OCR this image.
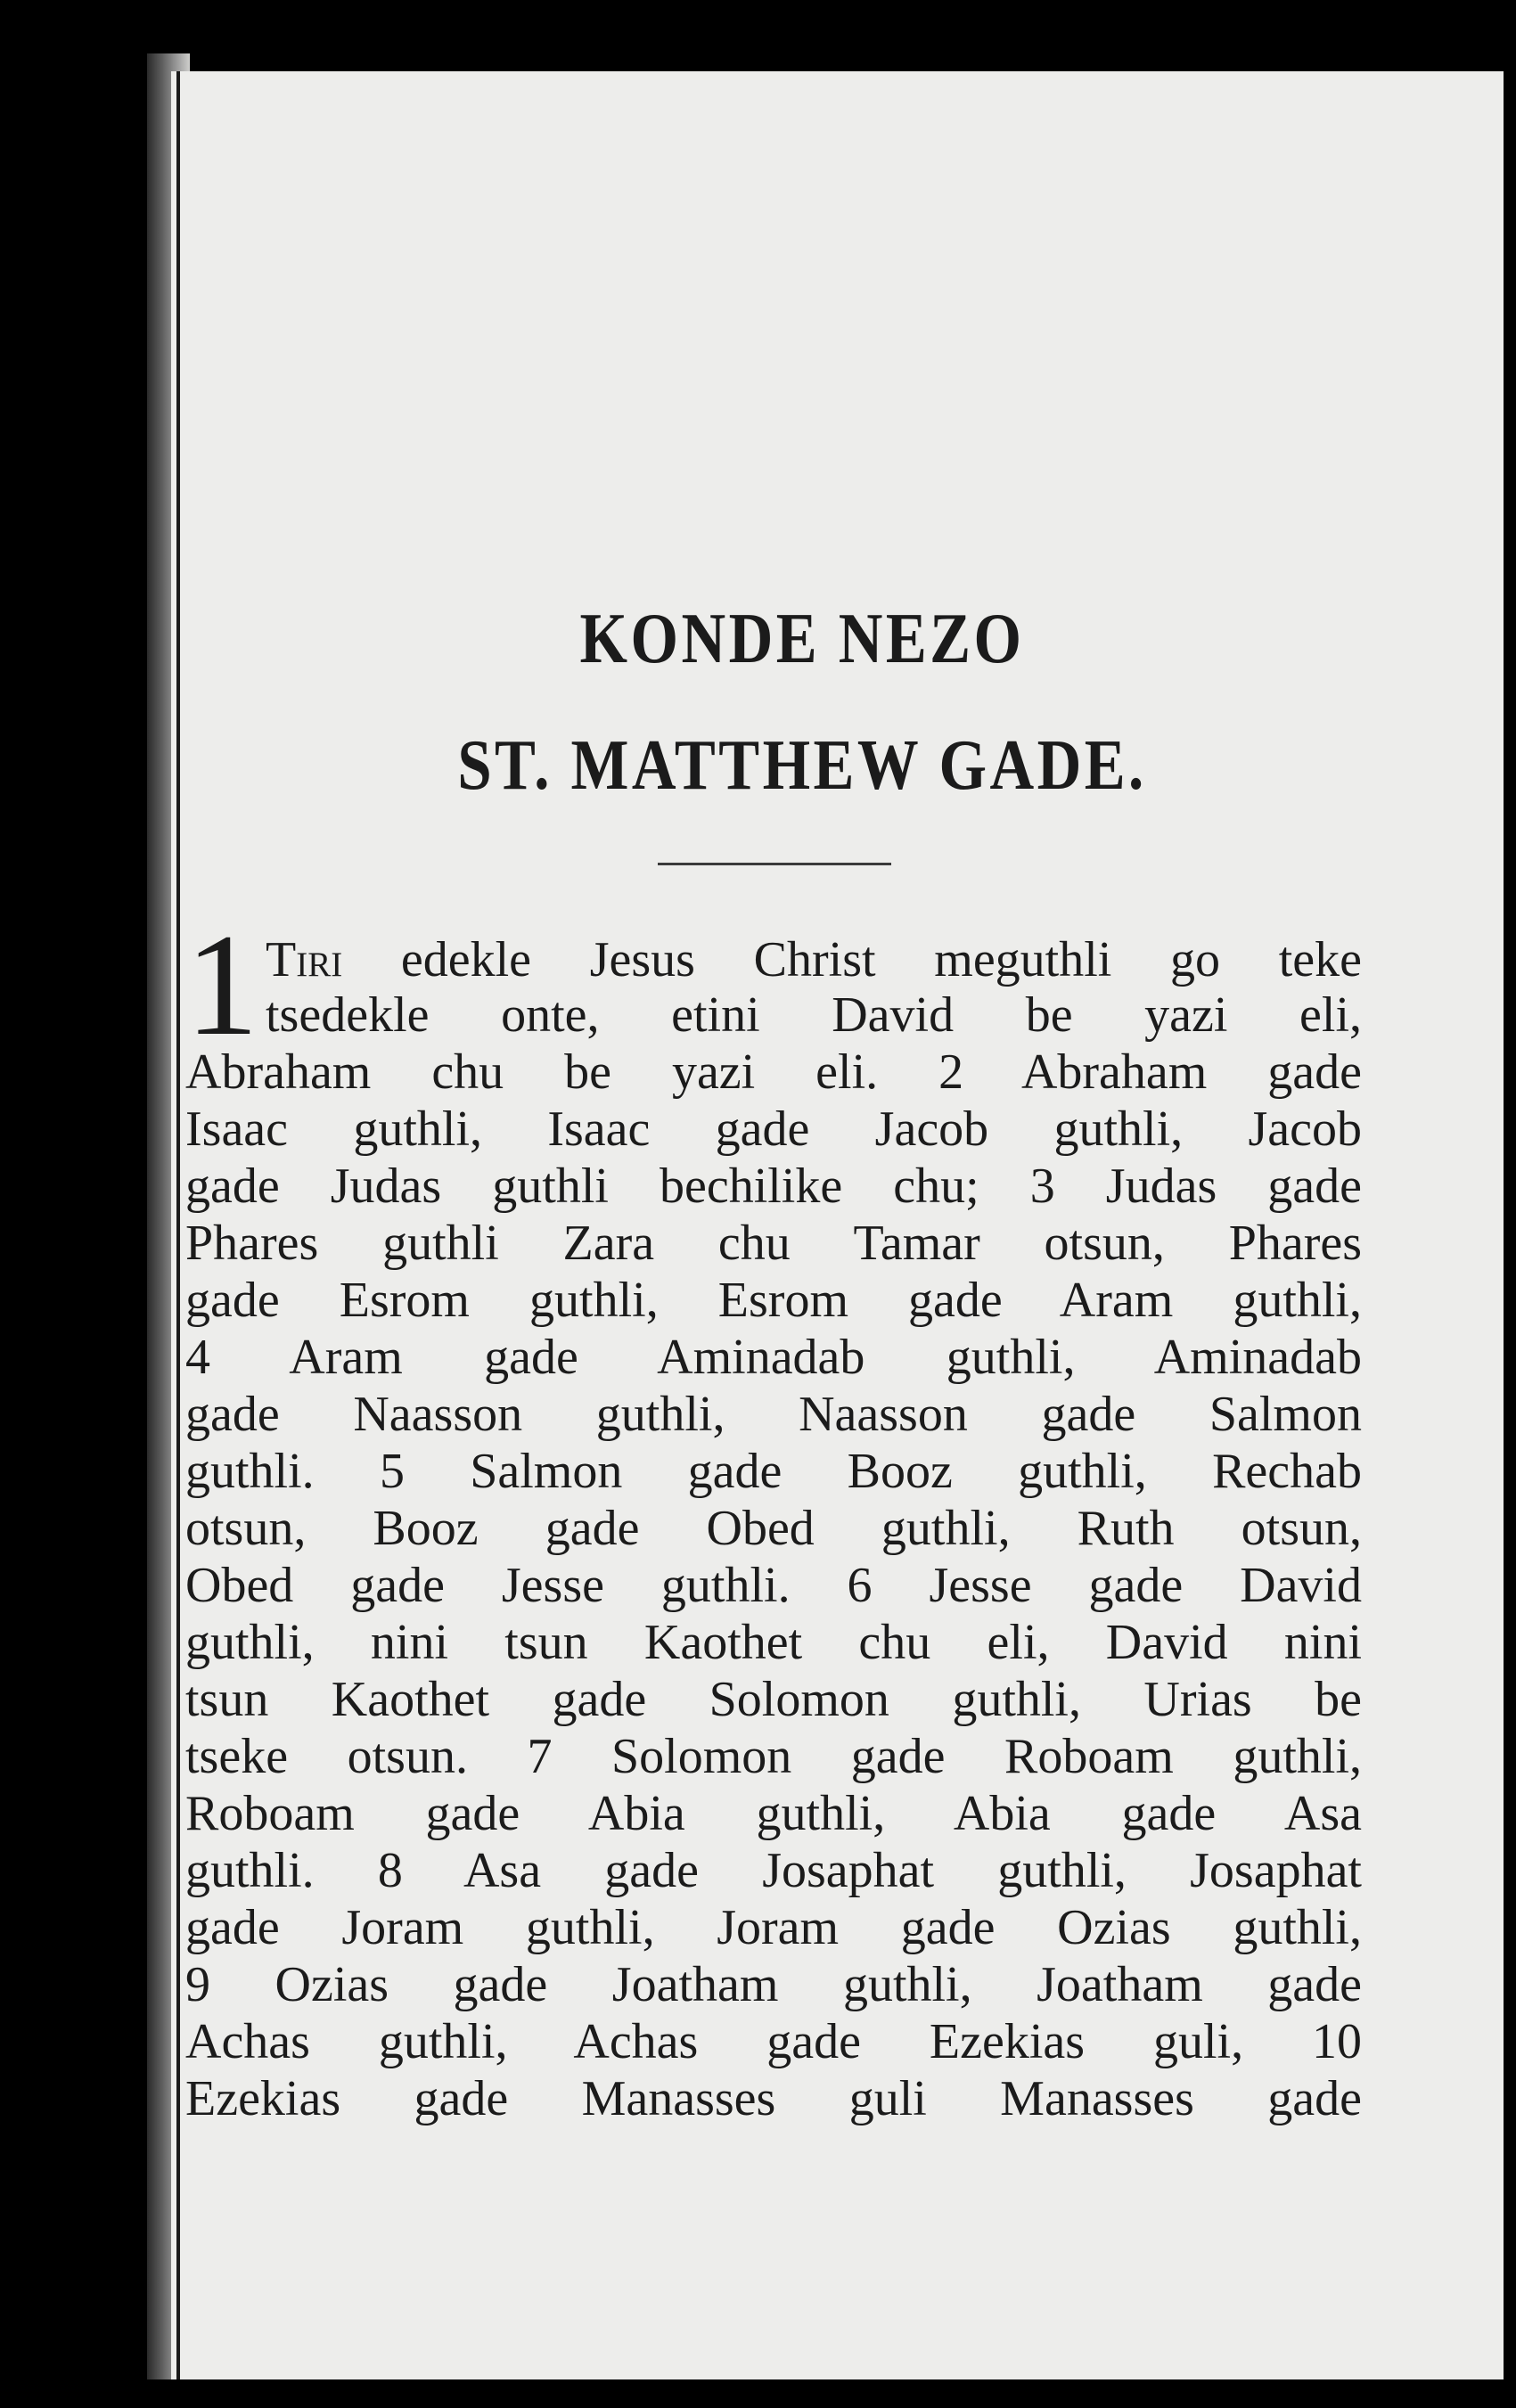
KONDE NEZO
ST. MATTHEW GADE.
1 Tiri edekle Jesus Christ meguthli go teke
tsedekle onte, etini David be yazi eli,
Abraham chu be yazi eli. 2 Abraham gade
Isaac guthli, Isaac gade Jacob guthli, Jacob
gade Judas guthli bechilike chu; 3 Judas gade
Phares guthli Zara chu Tamar otsun, Phares
gade Esrom guthli, Esrom gade Aram guthli,
4 Aram gade Aminadab guthli, Aminadab
gade Naasson guthli, Naasson gade Salmon
guthli. 5 Salmon gade Booz guthli, Rechab
otsun, Booz gade Obed guthli, Ruth otsun,
Obed gade Jesse guthli. 6 Jesse gade David
guthli, nini tsun Kaothet chu eli, David nini
tsun Kaothet gade Solomon guthli, Urias be
tseke otsun. 7 Solomon gade Roboam guthli,
Roboam gade Abia guthli, Abia gade Asa
guthli. 8 Asa gade Josaphat guthli, Josaphat
gade Joram guthli, Joram gade Ozias guthli,
9 Ozias gade Joatham guthli, Joatham gade
Achas guthli, Achas gade Ezekias guli, 10
Ezekias gade Manasses guli Manasses gade
